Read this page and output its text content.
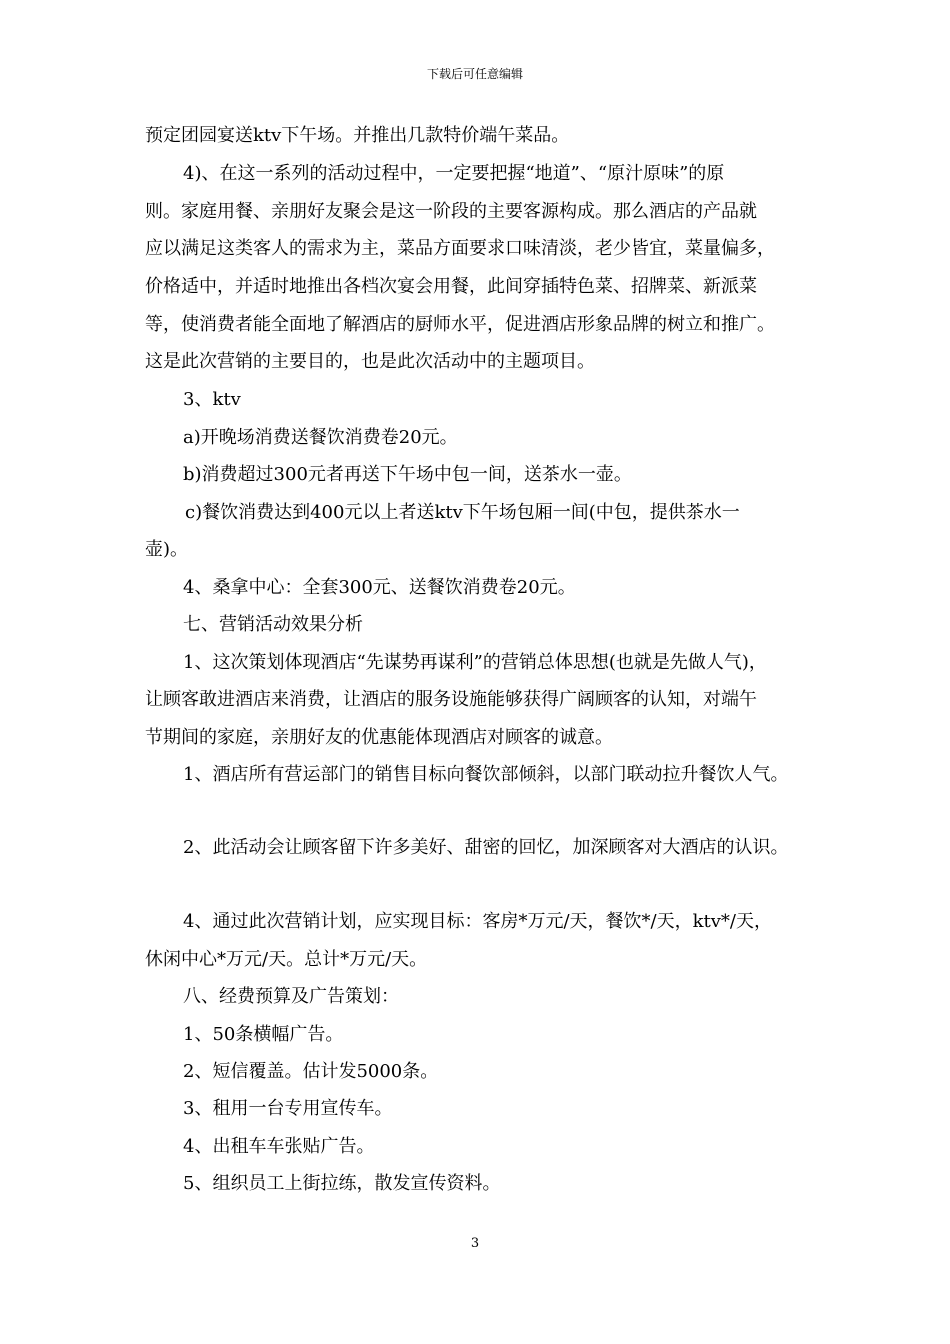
下载后可任意编辑
预定团园宴送ktv下午场。并推出几款特价端午菜品。
4)、在这一系列的活动过程中，一定要把握“地道”、“原汁原味”的原
则。家庭用餐、亲朋好友聚会是这一阶段的主要客源构成。那么酒店的产品就
应以满足这类客人的需求为主，菜品方面要求口味清淡，老少皆宜，菜量偏多，
价格适中，并适时地推出各档次宴会用餐，此间穿插特色菜、招牌菜、新派菜
等，使消费者能全面地了解酒店的厨师水平，促进酒店形象品牌的树立和推广。
这是此次营销的主要目的，也是此次活动中的主题项目。
3、ktv
a)开晚场消费送餐饮消费卷20元。
b)消费超过300元者再送下午场中包一间，送茶水一壶。
c)餐饮消费达到400元以上者送ktv下午场包厢一间(中包，提供茶水一
壶)。
4、桑拿中心：全套300元、送餐饮消费卷20元。
七、营销活动效果分析
1、这次策划体现酒店“先谋势再谋利”的营销总体思想(也就是先做人气)，
让顾客敢进酒店来消费，让酒店的服务设施能够获得广阔顾客的认知，对端午
节期间的家庭，亲朋好友的优惠能体现酒店对顾客的诚意。
1、酒店所有营运部门的销售目标向餐饮部倾斜，以部门联动拉升餐饮人气。
2、此活动会让顾客留下许多美好、甜密的回忆，加深顾客对大酒店的认识。
4、通过此次营销计划，应实现目标：客房*万元/天，餐饮*/天，ktv*/天，
休闲中心*万元/天。总计*万元/天。
八、经费预算及广告策划：
1、50条横幅广告。
2、短信覆盖。估计发5000条。
3、租用一台专用宣传车。
4、出租车车张贴广告。
5、组织员工上街拉练，散发宣传资料。
3
